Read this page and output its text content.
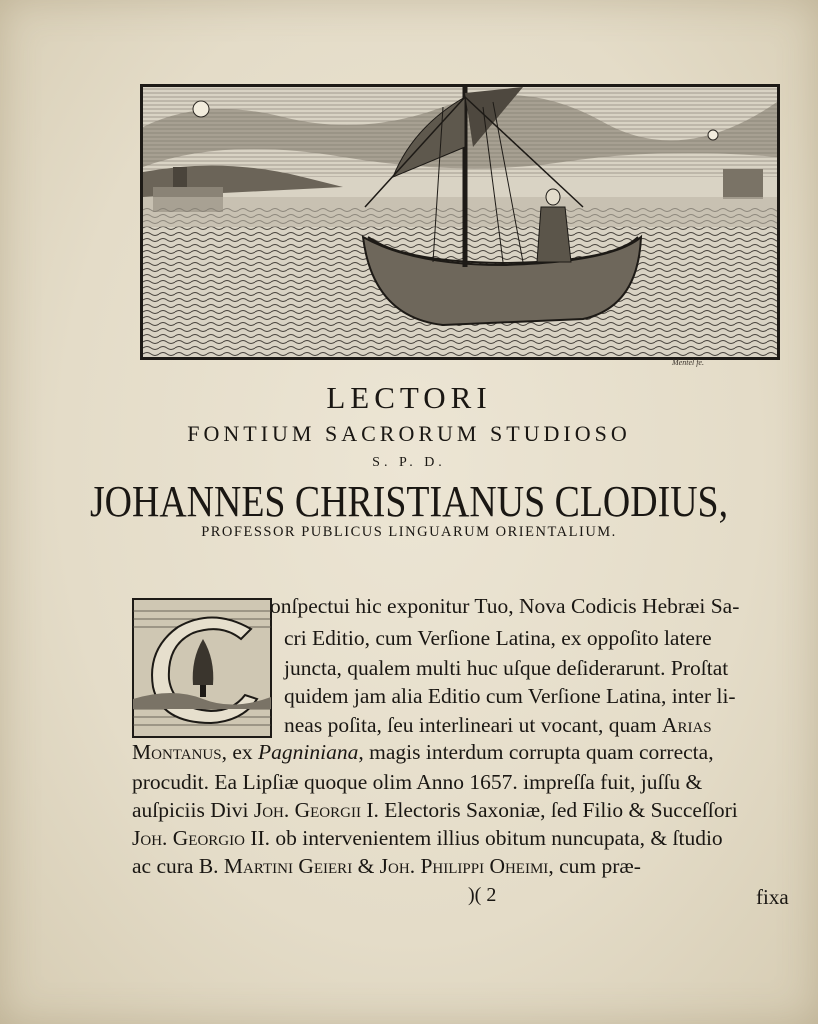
Mentel fe.
LECTORI
FONTIUM SACRORUM STUDIOSO
S. P. D.
JOHANNES CHRISTIANUS CLODIUS,
PROFESSOR PUBLICUS LINGUARUM ORIENTALIUM.
onſpectui hic exponitur Tuo, Nova Codicis Hebræi Sa-
cri Editio, cum Verſione Latina, ex oppoſito latere
juncta, qualem multi huc uſque deſiderarunt. Proſtat
quidem jam alia Editio cum Verſione Latina, inter li-
neas poſita, ſeu interlineari ut vocant, quam Arias
Montanus, ex Pagniniana, magis interdum corrupta quam correcta,
procudit. Ea Lipſiæ quoque olim Anno 1657. impreſſa fuit, juſſu &
auſpiciis Divi Joh. Georgii I. Electoris Saxoniæ, ſed Filio & Succeſſori
Joh. Georgio II. ob intervenientem illius obitum nuncupata, & ſtudio
ac cura B. Martini Geieri & Joh. Philippi Oheimi, cum præ-
)( 2	fixa
